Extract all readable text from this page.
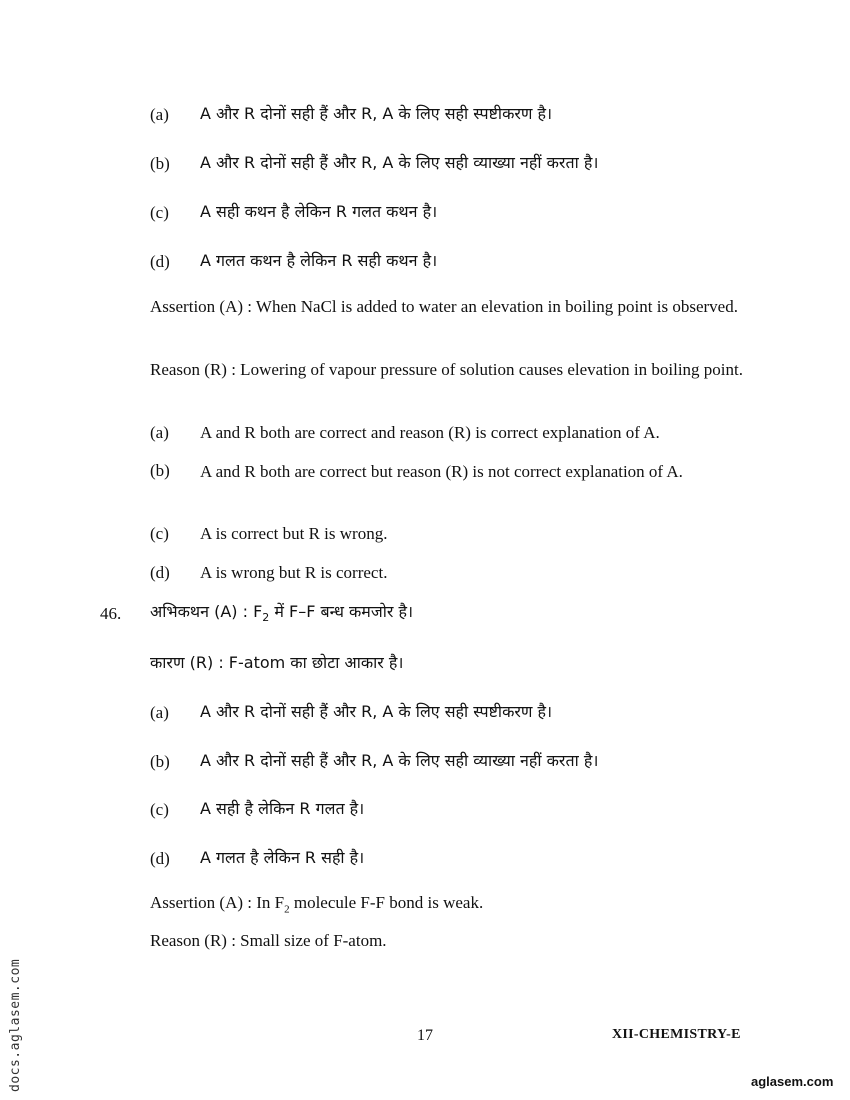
(a) A और R दोनों सही हैं और R, A के लिए सही स्पष्टीकरण है।
(b) A और R दोनों सही हैं और R, A के लिए सही व्याख्या नहीं करता है।
(c) A सही कथन है लेकिन R गलत कथन है।
(d) A गलत कथन है लेकिन R सही कथन है।
Assertion (A) : When NaCl is added to water an elevation in boiling point is observed.
Reason (R) : Lowering of vapour pressure of solution causes elevation in boiling point.
(a) A and R both are correct and reason (R) is correct explanation of A.
(b) A and R both are correct but reason (R) is not correct explanation of A.
(c) A is correct but R is wrong.
(d) A is wrong but R is correct.
46. अभिकथन (A) : $F_2$ में F–F बन्ध कमजोर है।
कारण (R) : F-atom का छोटा आकार है।
(a) A और R दोनों सही हैं और R, A के लिए सही स्पष्टीकरण है।
(b) A और R दोनों सही हैं और R, A के लिए सही व्याख्या नहीं करता है।
(c) A सही है लेकिन R गलत है।
(d) A गलत है लेकिन R सही है।
Assertion (A) : In $F_2$ molecule F-F bond is weak.
Reason (R) : Small size of F-atom.
17	XII-CHEMISTRY-E
docs.aglasem.com	aglasem.com
